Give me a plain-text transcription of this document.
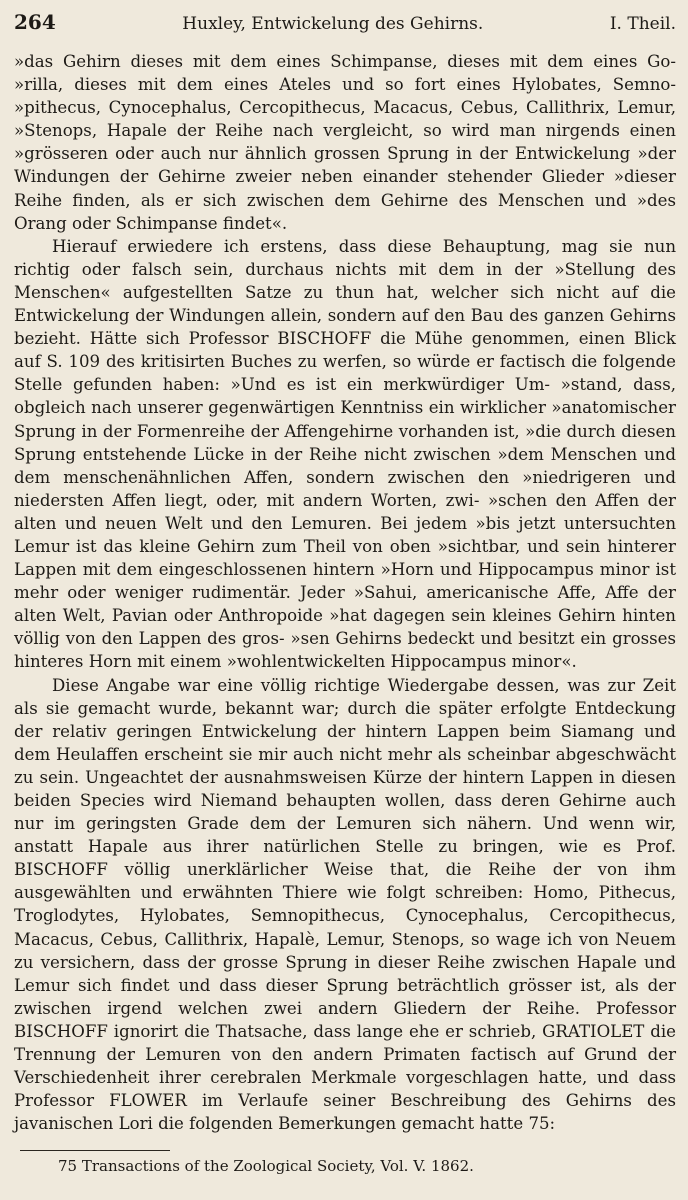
264	Huxley, Entwickelung des Gehirns.	I. Theil.

»das Gehirn dieses mit dem eines Schimpanse, dieses mit dem eines Go- »rilla, dieses mit dem eines Ateles und so fort eines Hylobates, Semno- »pithecus, Cynocephalus, Cercopithecus, Macacus, Cebus, Callithrix, Lemur, »Stenops, Hapale der Reihe nach vergleicht, so wird man nirgends einen »grösseren oder auch nur ähnlich grossen Sprung in der Entwickelung »der Windungen der Gehirne zweier neben einander stehender Glieder »dieser Reihe finden, als er sich zwischen dem Gehirne des Menschen und »des Orang oder Schimpanse findet«.

Hierauf erwiedere ich erstens, dass diese Behauptung, mag sie nun richtig oder falsch sein, durchaus nichts mit dem in der »Stellung des Menschen« aufgestellten Satze zu thun hat, welcher sich nicht auf die Entwickelung der Windungen allein, sondern auf den Bau des ganzen Gehirns bezieht. Hätte sich Professor BISCHOFF die Mühe genommen, einen Blick auf S. 109 des kritisirten Buches zu werfen, so würde er factisch die folgende Stelle gefunden haben: »Und es ist ein merkwürdiger Um- »stand, dass, obgleich nach unserer gegenwärtigen Kenntniss ein wirklicher »anatomischer Sprung in der Formenreihe der Affengehirne vorhanden ist, »die durch diesen Sprung entstehende Lücke in der Reihe nicht zwischen »dem Menschen und dem menschenähnlichen Affen, sondern zwischen den »niedrigeren und niedersten Affen liegt, oder, mit andern Worten, zwi- »schen den Affen der alten und neuen Welt und den Lemuren. Bei jedem »bis jetzt untersuchten Lemur ist das kleine Gehirn zum Theil von oben »sichtbar, und sein hinterer Lappen mit dem eingeschlossenen hintern »Horn und Hippocampus minor ist mehr oder weniger rudimentär. Jeder »Sahui, americanische Affe, Affe der alten Welt, Pavian oder Anthropoide »hat dagegen sein kleines Gehirn hinten völlig von den Lappen des gros- »sen Gehirns bedeckt und besitzt ein grosses hinteres Horn mit einem »wohlentwickelten Hippocampus minor«.

Diese Angabe war eine völlig richtige Wiedergabe dessen, was zur Zeit als sie gemacht wurde, bekannt war; durch die später erfolgte Entdeckung der relativ geringen Entwickelung der hintern Lappen beim Siamang und dem Heulaffen erscheint sie mir auch nicht mehr als scheinbar abgeschwächt zu sein. Ungeachtet der ausnahmsweisen Kürze der hintern Lappen in diesen beiden Species wird Niemand behaupten wollen, dass deren Gehirne auch nur im geringsten Grade dem der Lemuren sich nähern. Und wenn wir, anstatt Hapale aus ihrer natürlichen Stelle zu bringen, wie es Prof. BISCHOFF völlig unerklärlicher Weise that, die Reihe der von ihm ausgewählten und erwähnten Thiere wie folgt schreiben: Homo, Pithecus, Troglodytes, Hylobates, Semnopithecus, Cynocephalus, Cercopithecus, Macacus, Cebus, Callithrix, Hapalè, Lemur, Stenops, so wage ich von Neuem zu versichern, dass der grosse Sprung in dieser Reihe zwischen Hapale und Lemur sich findet und dass dieser Sprung beträchtlich grösser ist, als der zwischen irgend welchen zwei andern Gliedern der Reihe. Professor BISCHOFF ignorirt die Thatsache, dass lange ehe er schrieb, GRATIOLET die Trennung der Lemuren von den andern Primaten factisch auf Grund der Verschiedenheit ihrer cerebralen Merkmale vorgeschlagen hatte, und dass Professor FLOWER im Verlaufe seiner Beschreibung des Gehirns des javanischen Lori die folgenden Bemerkungen gemacht hatte 75:

75 Transactions of the Zoological Society, Vol. V. 1862.
